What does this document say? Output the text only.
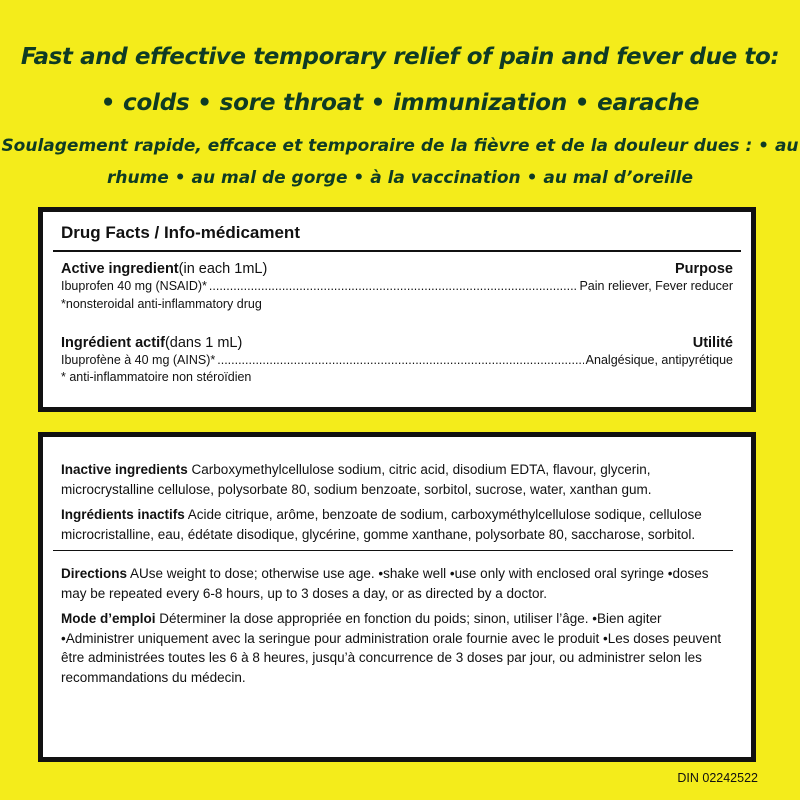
Fast and effective temporary relief of pain and fever due to:
• colds • sore throat • immunization • earache
Soulagement rapide, effcace et temporaire de la fièvre et de la douleur dues : • au
rhume • au mal de gorge • à la vaccination • au mal d’oreille
Drug Facts / Info-médicament
Active ingredient (in each 1mL)	Purpose
Ibuprofen 40 mg (NSAID)* .....	Pain reliever, Fever reducer
*nonsteroidal anti-inflammatory drug
Ingrédient actif (dans 1 mL)	Utilité
Ibuprofène à 40 mg (AINS)* .....	Analgésique, antipyrétique
* anti-inflammatoire non stéroïdien
Inactive ingredients Carboxymethylcellulose sodium, citric acid, disodium EDTA, flavour, glycerin, microcrystalline cellulose, polysorbate 80, sodium benzoate, sorbitol, sucrose, water, xanthan gum.
Ingrédients inactifs Acide citrique, arôme, benzoate de sodium, carboxyméthylcellulose sodique, cellulose microcristalline, eau, édétate disodique, glycérine, gomme xanthane, polysorbate 80, saccharose, sorbitol.
Directions AUse weight to dose; otherwise use age. •shake well •use only with enclosed oral syringe •doses may be repeated every 6-8 hours, up to 3 doses a day, or as directed by a doctor.
Mode d’emploi Déterminer la dose appropriée en fonction du poids; sinon, utiliser l’âge. •Bien agiter •Administrer uniquement avec la seringue pour administration orale fournie avec le produit •Les doses peuvent être administrées toutes les 6 à 8 heures, jusqu’à concurrence de 3 doses par jour, ou administrer selon les recommandations du médecin.
DIN 02242522
